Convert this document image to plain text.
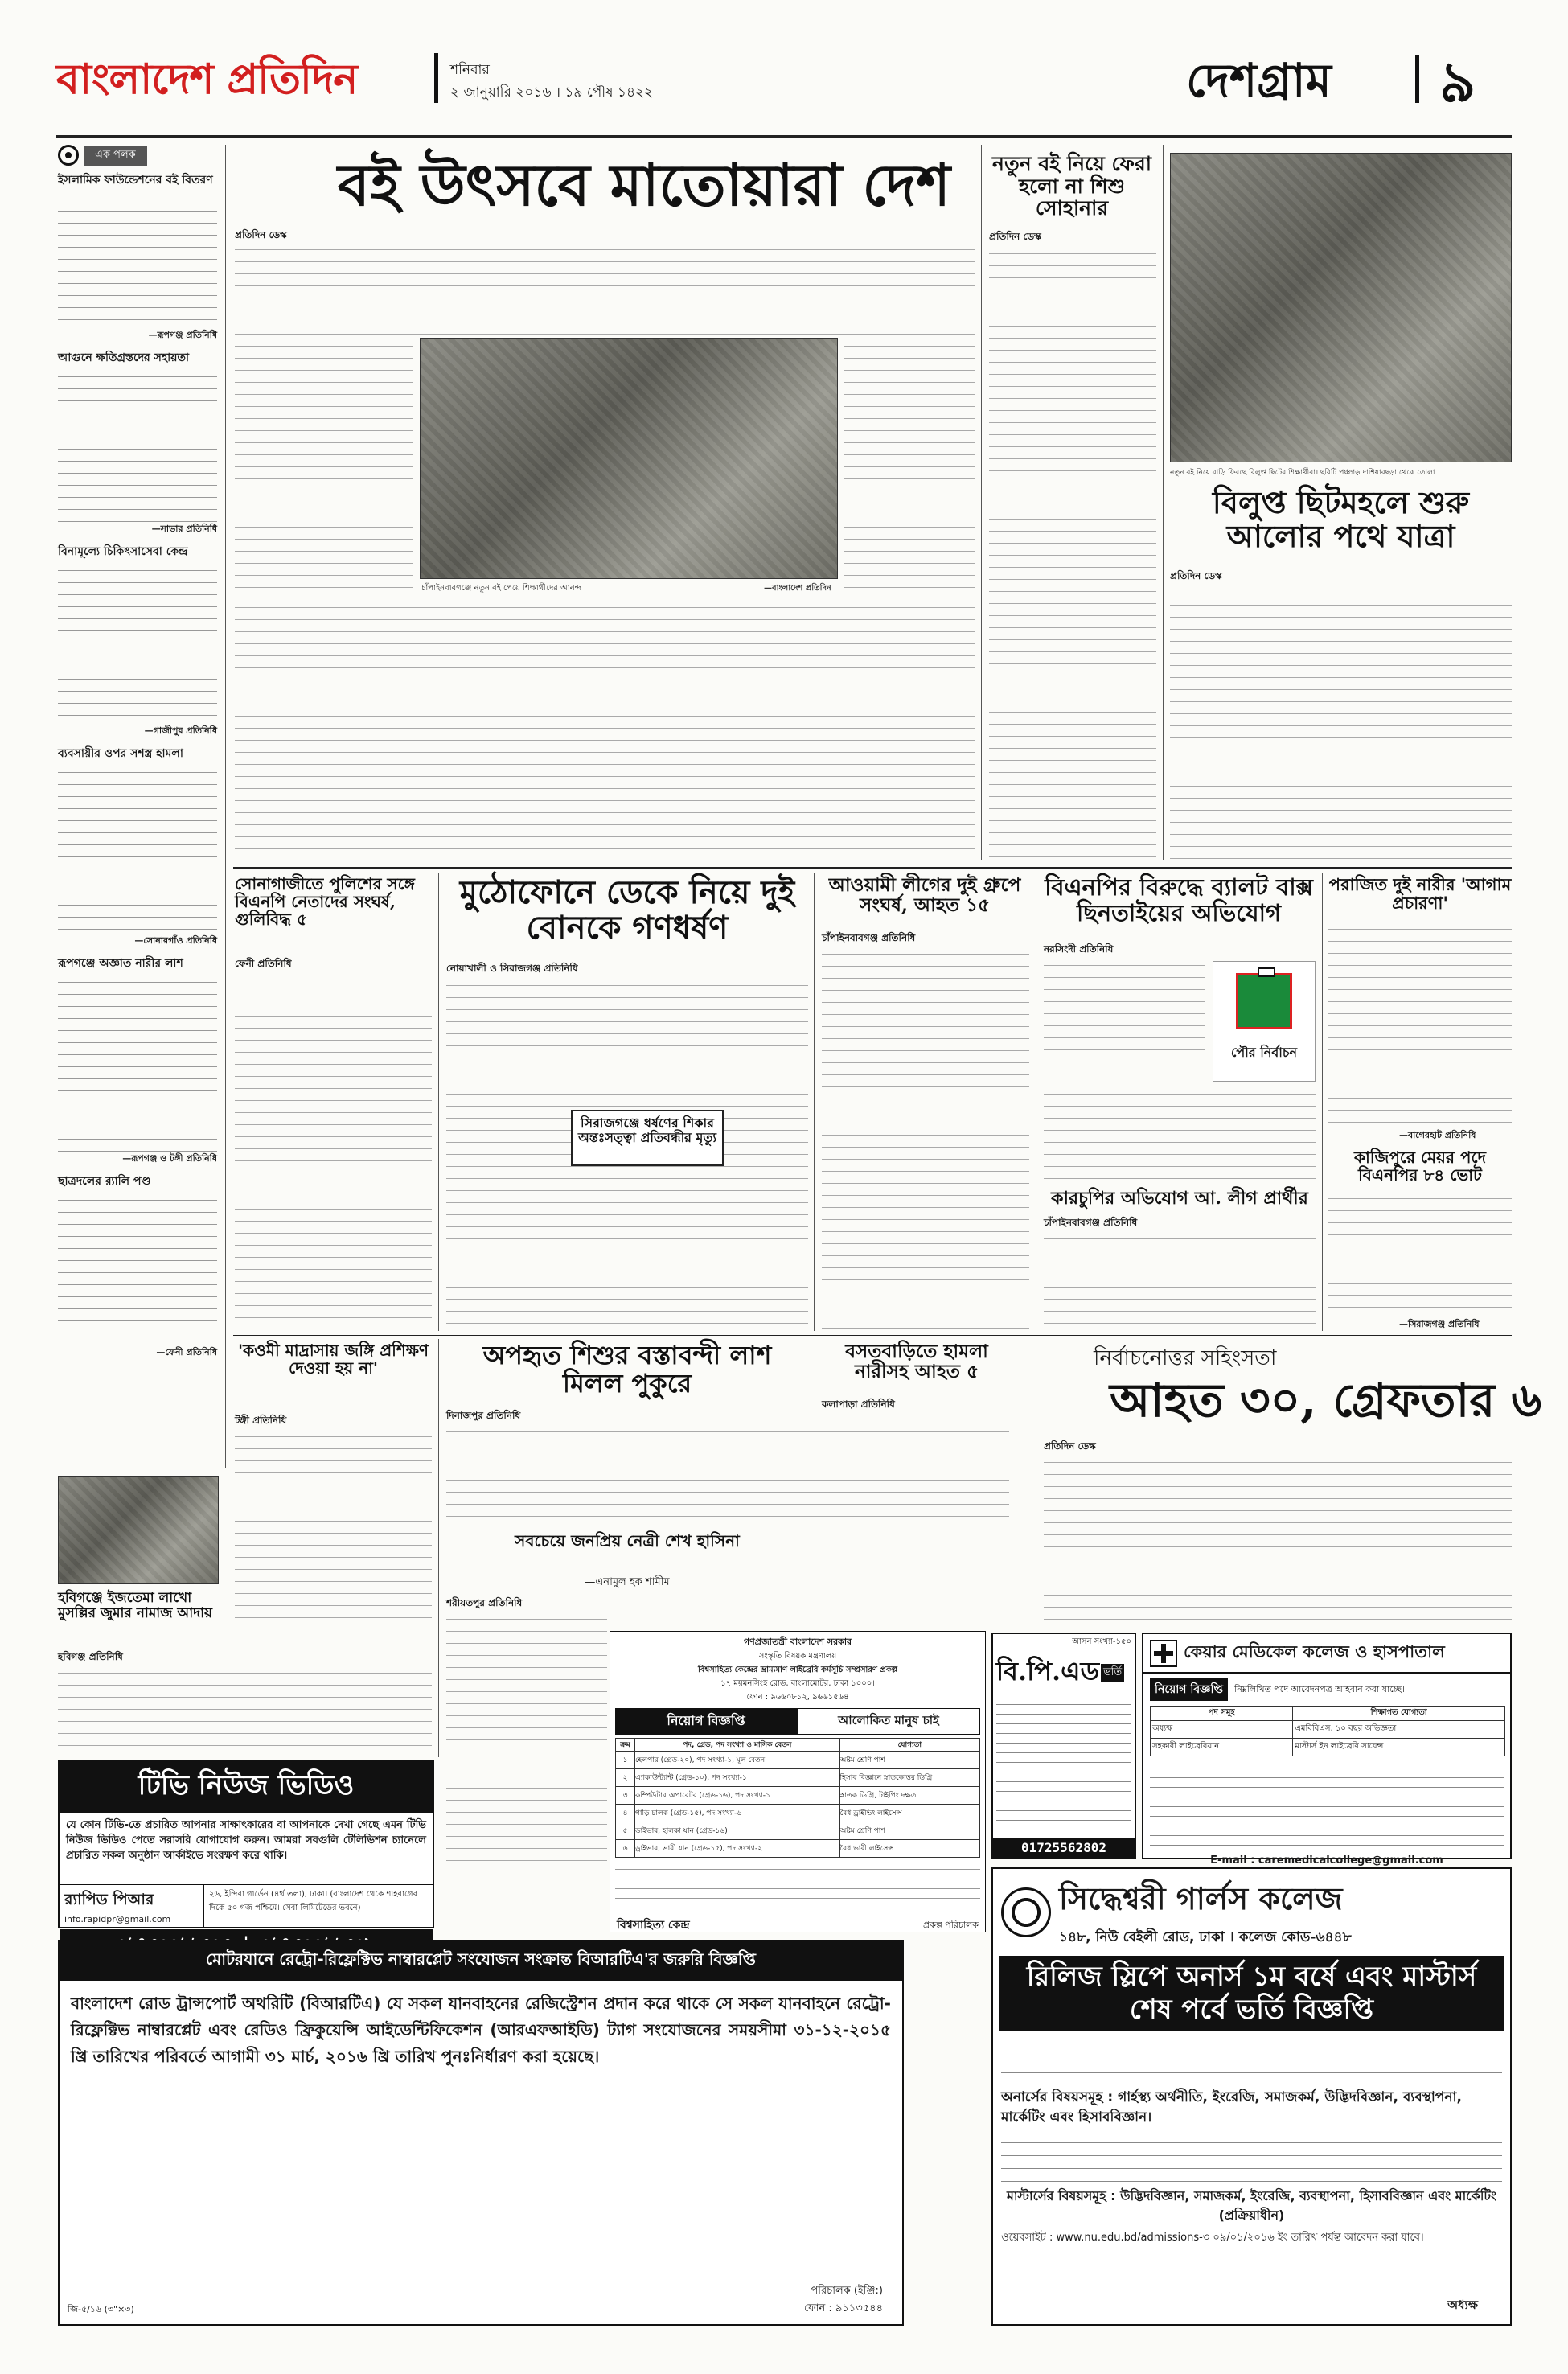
বাংলাদেশ প্রতিদিন	শনিবার
২ জানুয়ারি ২০১৬ । ১৯ পৌষ ১৪২২	দেশগ্রাম ৯
এক পলক
ইসলামিক ফাউন্ডেশনের বই বিতরণ

—রূপগঞ্জ প্রতিনিধি
আগুনে ক্ষতিগ্রস্তদের সহায়তা

—সাভার প্রতিনিধি
বিনামূল্যে চিকিৎসাসেবা কেন্দ্র

—গাজীপুর প্রতিনিধি
ব্যবসায়ীর ওপর সশস্ত্র হামলা

—সোনারগাঁও প্রতিনিধি
রূপগঞ্জে অজ্ঞাত নারীর লাশ

—রূপগঞ্জ ও টঙ্গী প্রতিনিধি
ছাত্রদলের র‌্যালি পণ্ড

—ফেনী প্রতিনিধি
বই উৎসবে মাতোয়ারা দেশ
প্রতিদিন ডেস্ক
চাঁপাইনবাবগঞ্জে নতুন বই পেয়ে শিক্ষার্থীদের আনন্দ	—বাংলাদেশ প্রতিদিন
নতুন বই নিয়ে ফেরা হলো না শিশু সোহানার
প্রতিদিন ডেস্ক
নতুন বই নিয়ে বাড়ি ফিরছে বিলুপ্ত ছিটের শিক্ষার্থীরা। ছবিটি পঞ্চগড় দাশিয়ারছড়া থেকে তোলা
বিলুপ্ত ছিটমহলে শুরু আলোর পথে যাত্রা
প্রতিদিন ডেস্ক
সোনাগাজীতে পুলিশের সঙ্গে বিএনপি নেতাদের সংঘর্ষ, গুলিবিদ্ধ ৫
ফেনী প্রতিনিধি
মুঠোফোনে ডেকে নিয়ে দুই বোনকে গণধর্ষণ
নোয়াখালী ও সিরাজগঞ্জ প্রতিনিধি
সিরাজগঞ্জে ধর্ষণের শিকার অন্তঃসত্ত্বা প্রতিবন্ধীর মৃত্যু
আওয়ামী লীগের দুই গ্রুপে সংঘর্ষ, আহত ১৫
চাঁপাইনবাবগঞ্জ প্রতিনিধি
বিএনপির বিরুদ্ধে ব্যালট বাক্স ছিনতাইয়ের অভিযোগ
নরসিংদী প্রতিনিধি
পৌর নির্বাচন
কারচুপির অভিযোগ আ. লীগ প্রার্থীর
চাঁপাইনবাবগঞ্জ প্রতিনিধি
পরাজিত দুই নারীর 'আগাম প্রচারণা'
—বাগেরহাট প্রতিনিধি
কাজিপুরে মেয়র পদে বিএনপির ৮৪ ভোট
—সিরাজগঞ্জ প্রতিনিধি
'কওমী মাদ্রাসায় জঙ্গি প্রশিক্ষণ দেওয়া হয় না'
টঙ্গী প্রতিনিধি
হবিগঞ্জে ইজতেমা লাখো মুসল্লির জুমার নামাজ আদায়
হবিগঞ্জ প্রতিনিধি
অপহৃত শিশুর বস্তাবন্দী লাশ মিলল পুকুরে
দিনাজপুর প্রতিনিধি
বসতবাড়িতে হামলা নারীসহ আহত ৫
কলাপাড়া প্রতিনিধি
সবচেয়ে জনপ্রিয় নেত্রী শেখ হাসিনা
—এনামুল হক শামীম
শরীয়তপুর প্রতিনিধি
নির্বাচনোত্তর সহিংসতা
আহত ৩০, গ্রেফতার ৬
প্রতিদিন ডেস্ক
টিভি নিউজ ভিডিও
যে কোন টিভি-তে প্রচারিত আপনার সাক্ষাৎকারের বা আপনাকে দেখা গেছে এমন টিভি নিউজ ভিডিও পেতে সরাসরি যোগাযোগ করুন। আমরা সবগুলি টেলিভিশন চ্যানেলে প্রচারিত সকল অনুষ্ঠান আর্কাইভে সংরক্ষণ করে থাকি।
র‍্যাপিড পিআর
info.rapidpr@gmail.com
২৬, ইন্দিরা গার্ডেন (৪র্থ তলা), ঢাকা। (বাংলাদেশ থেকে শাহবাগের দিকে ৫০ গজ পশ্চিমে। সেবা লিমিটেডের ভবনে)
মোটরযানে রেট্রো-রিফ্লেক্টিভ নাম্বারপ্লেট সংযোজন সংক্রান্ত বিআরটিএ'র জরুরি বিজ্ঞপ্তি
বাংলাদেশ রোড ট্রান্সপোর্ট অথরিটি (বিআরটিএ) যে সকল যানবাহনের রেজিস্ট্রেশন প্রদান করে থাকে সে সকল যানবাহনে রেট্রো-রিফ্লেক্টিভ নাম্বারপ্লেট এবং রেডিও ফ্রিকুয়েন্সি আইডেন্টিফিকেশন (আরএফআইডি) ট্যাগ সংযোজনের সময়সীমা ৩১-১২-২০১৫ খ্রি তারিখের পরিবর্তে আগামী ৩১ মার্চ, ২০১৬ খ্রি তারিখ পুনঃনির্ধারণ করা হয়েছে।
পরিচালক (ইঞ্জি:)
ফোন : ৯১১৩৫৪৪
জি-৫/১৬ (৩"×৩)
গণপ্রজাতন্ত্রী বাংলাদেশ সরকার
সংস্কৃতি বিষয়ক মন্ত্রণালয়
বিশ্বসাহিত্য কেন্দ্রের ভ্রাম্যমাণ লাইব্রেরি কর্মসূচি সম্প্রসারণ প্রকল্প
১৭ ময়মনসিংহ রোড, বাংলামোটর, ঢাকা ১০০০।
ফোন : ৯৬৬০৮১২, ৯৬৬১৫৬৪
নিয়োগ বিজ্ঞপ্তি	আলোকিত মানুষ চাই
ক্রম	পদ, গ্রেড, পদ সংখ্যা ও মাসিক বেতন	যোগ্যতা
১	হেলপার (গ্রেড-২০), পদ সংখ্যা-১, মূল বেতন	অষ্টম শ্রেণি পাশ
২	এ্যাকাউন্ট্যান্ট (গ্রেড-১০), পদ সংখ্যা-১	হিসাব বিজ্ঞানে স্নাতকোত্তর ডিগ্রি
৩	কম্পিউটার অপারেটর (গ্রেড-১৬), পদ সংখ্যা-১	স্নাতক ডিগ্রি, টাইপিং দক্ষতা
৪	গাড়ি চালক (গ্রেড-১৫), পদ সংখ্যা-৬	বৈধ ড্রাইভিং লাইসেন্স
৫	ডাইভার, হালকা যান (গ্রেড-১৬)	অষ্টম শ্রেণি পাশ
৬	ড্রাইভার, ভারী যান (গ্রেড-১৫), পদ সংখ্যা-২	বৈধ ভারী লাইসেন্স
বিশ্বসাহিত্য কেন্দ্র	প্রকল্প পরিচালক
আসন সংখ্যা-১৫০
বি.পি.এড ভর্তি
01725562802
কেয়ার মেডিকেল কলেজ ও হাসপাতাল
নিয়োগ বিজ্ঞপ্তি	নিম্নলিখিত পদে আবেদনপত্র আহবান করা যাচ্ছে।
পদ সমূহ	শিক্ষাগত যোগ্যতা
অধ্যক্ষ	এমবিবিএস, ১০ বছর অভিজ্ঞতা
সহকারী লাইব্রেরিয়ান	মাস্টার্স ইন লাইব্রেরি সায়েন্স
E-mail : caremedicalcollege@gmail.com
সিদ্ধেশ্বরী গার্লস কলেজ
১৪৮, নিউ বেইলী রোড, ঢাকা । কলেজ কোড-৬৪৪৮
রিলিজ স্লিপে অনার্স ১ম বর্ষে এবং মাস্টার্স শেষ পর্বে ভর্তি বিজ্ঞপ্তি
অনার্সের বিষয়সমূহ : গার্হস্থ্য অর্থনীতি, ইংরেজি, সমাজকর্ম, উদ্ভিদবিজ্ঞান, ব্যবস্থাপনা, মার্কেটিং এবং হিসাববিজ্ঞান।
মাস্টার্সের বিষয়সমূহ : উদ্ভিদবিজ্ঞান, সমাজকর্ম, ইংরেজি, ব্যবস্থাপনা, হিসাববিজ্ঞান এবং মার্কেটিং (প্রক্রিয়াধীন)
ওয়েবসাইট : www.nu.edu.bd/admissions-৩ ০৯/০১/২০১৬ ইং তারিখ পর্যন্ত আবেদন করা যাবে।
অধ্যক্ষ
